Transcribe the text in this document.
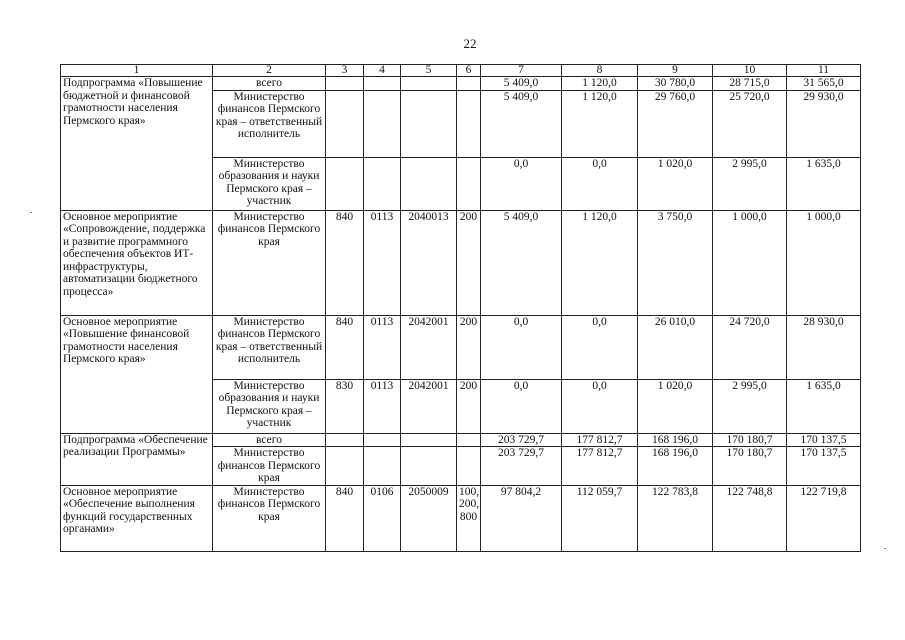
22
1	2	3	4	5	6	7	8	9	10	11
Подпрограмма «Повышение бюджетной и финансовой грамотности населения Пермского края»	всего					5 409,0	1 120,0	30 780,0	28 715,0	31 565,0
	Министерство финансов Пермского края – ответственный исполнитель					5 409,0	1 120,0	29 760,0	25 720,0	29 930,0
	Министерство образования и науки Пермского края – участник					0,0	0,0	1 020,0	2 995,0	1 635,0
Основное мероприятие «Сопровождение, поддержка и развитие программного обеспечения объектов ИТ-инфраструктуры, автоматизации бюджетного процесса»	Министерство финансов Пермского края	840	0113	2040013	200	5 409,0	1 120,0	3 750,0	1 000,0	1 000,0
Основное мероприятие «Повышение финансовой грамотности населения Пермского края»	Министерство финансов Пермского края – ответственный исполнитель	840	0113	2042001	200	0,0	0,0	26 010,0	24 720,0	28 930,0
	Министерство образования и науки Пермского края – участник	830	0113	2042001	200	0,0	0,0	1 020,0	2 995,0	1 635,0
Подпрограмма «Обеспечение реализации Программы»	всего					203 729,7	177 812,7	168 196,0	170 180,7	170 137,5
	Министерство финансов Пермского края					203 729,7	177 812,7	168 196,0	170 180,7	170 137,5
Основное мероприятие «Обеспечение выполнения функций государственных органами»	Министерство финансов Пермского края	840	0106	2050009	100, 200, 800	97 804,2	112 059,7	122 783,8	122 748,8	122 719,8
